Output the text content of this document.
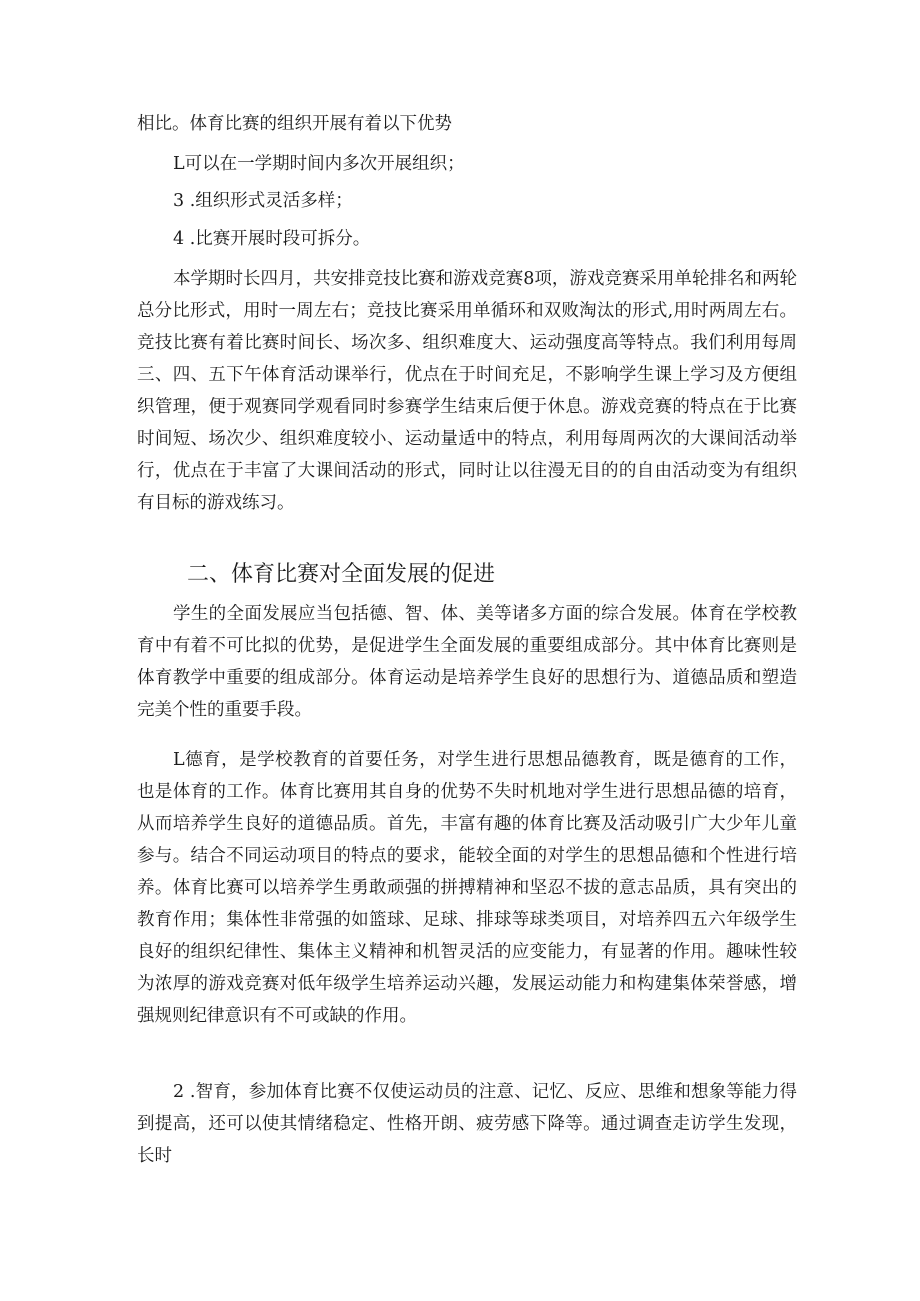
相比。体育比赛的组织开展有着以下优势

L可以在一学期时间内多次开展组织；

3 .组织形式灵活多样；

4 .比赛开展时段可拆分。

本学期时长四月，共安排竞技比赛和游戏竞赛8项，游戏竞赛采用单轮排名和两轮总分比形式，用时一周左右；竞技比赛采用单循环和双败淘汰的形式,用时两周左右。竞技比赛有着比赛时间长、场次多、组织难度大、运动强度高等特点。我们利用每周三、四、五下午体育活动课举行，优点在于时间充足，不影响学生课上学习及方便组织管理，便于观赛同学观看同时参赛学生结束后便于休息。游戏竞赛的特点在于比赛时间短、场次少、组织难度较小、运动量适中的特点，利用每周两次的大课间活动举行，优点在于丰富了大课间活动的形式，同时让以往漫无目的的自由活动变为有组织有目标的游戏练习。

二、体育比赛对全面发展的促进

学生的全面发展应当包括德、智、体、美等诸多方面的综合发展。体育在学校教育中有着不可比拟的优势，是促进学生全面发展的重要组成部分。其中体育比赛则是体育教学中重要的组成部分。体育运动是培养学生良好的思想行为、道德品质和塑造完美个性的重要手段。

L德育，是学校教育的首要任务，对学生进行思想品德教育，既是德育的工作，也是体育的工作。体育比赛用其自身的优势不失时机地对学生进行思想品德的培育，从而培养学生良好的道德品质。首先，丰富有趣的体育比赛及活动吸引广大少年儿童参与。结合不同运动项目的特点的要求，能较全面的对学生的思想品德和个性进行培养。体育比赛可以培养学生勇敢顽强的拼搏精神和坚忍不拔的意志品质，具有突出的教育作用；集体性非常强的如篮球、足球、排球等球类项目，对培养四五六年级学生良好的组织纪律性、集体主义精神和机智灵活的应变能力，有显著的作用。趣味性较为浓厚的游戏竞赛对低年级学生培养运动兴趣，发展运动能力和构建集体荣誉感，增强规则纪律意识有不可或缺的作用。

2 .智育，参加体育比赛不仅使运动员的注意、记忆、反应、思维和想象等能力得到提高，还可以使其情绪稳定、性格开朗、疲劳感下降等。通过调查走访学生发现，长时
